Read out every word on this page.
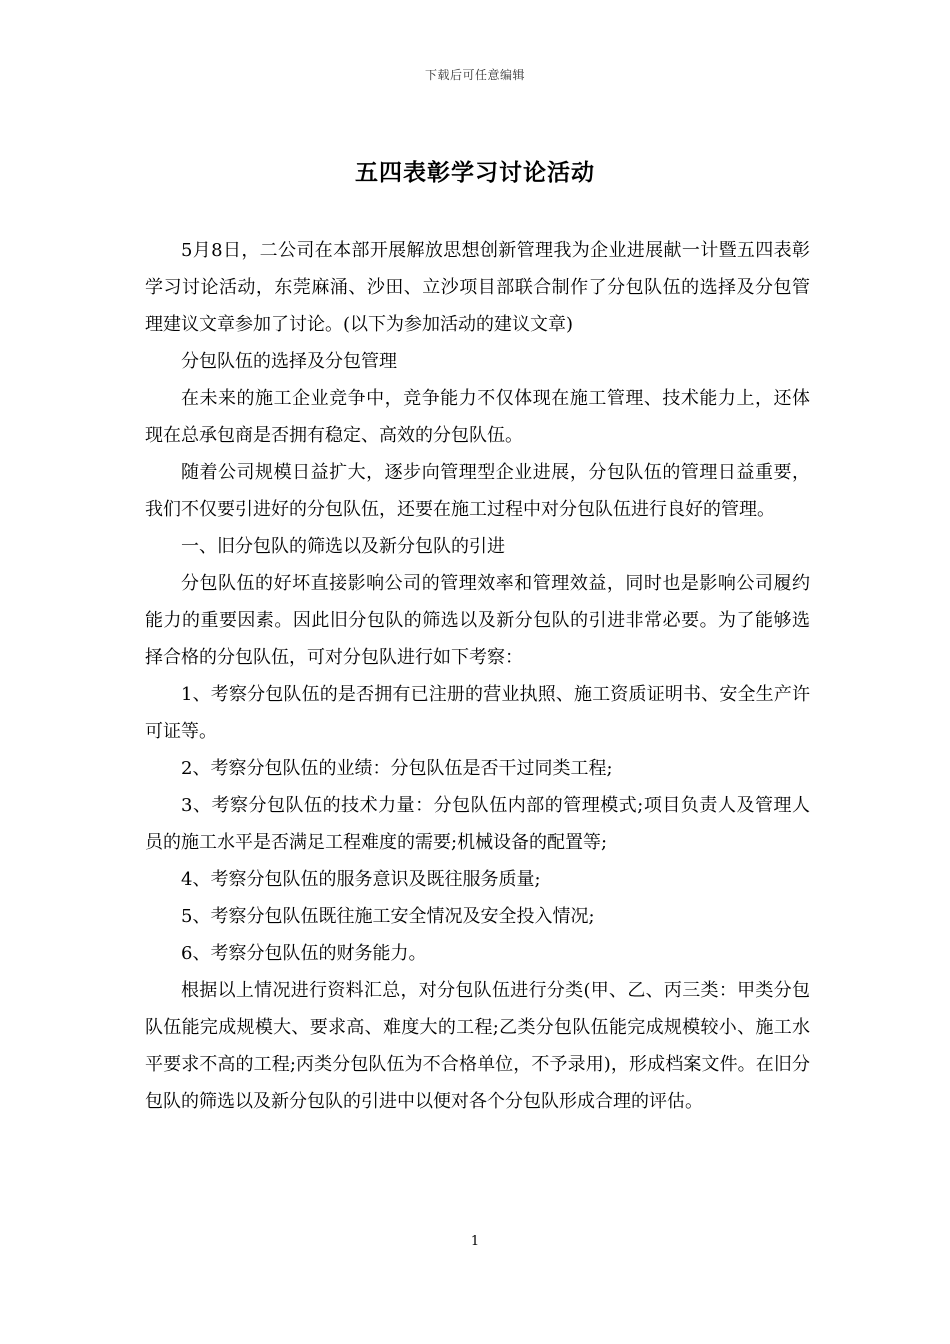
下载后可任意编辑
五四表彰学习讨论活动

5月8日，二公司在本部开展解放思想创新管理我为企业进展献一计暨五四表彰学习讨论活动，东莞麻涌、沙田、立沙项目部联合制作了分包队伍的选择及分包管理建议文章参加了讨论。(以下为参加活动的建议文章)

分包队伍的选择及分包管理

在未来的施工企业竞争中，竞争能力不仅体现在施工管理、技术能力上，还体现在总承包商是否拥有稳定、高效的分包队伍。

随着公司规模日益扩大，逐步向管理型企业进展，分包队伍的管理日益重要，我们不仅要引进好的分包队伍，还要在施工过程中对分包队伍进行良好的管理。

一、旧分包队的筛选以及新分包队的引进

分包队伍的好坏直接影响公司的管理效率和管理效益，同时也是影响公司履约能力的重要因素。因此旧分包队的筛选以及新分包队的引进非常必要。为了能够选择合格的分包队伍，可对分包队进行如下考察：

1、考察分包队伍的是否拥有已注册的营业执照、施工资质证明书、安全生产许可证等。

2、考察分包队伍的业绩：分包队伍是否干过同类工程;

3、考察分包队伍的技术力量：分包队伍内部的管理模式;项目负责人及管理人员的施工水平是否满足工程难度的需要;机械设备的配置等;

4、考察分包队伍的服务意识及既往服务质量;

5、考察分包队伍既往施工安全情况及安全投入情况;

6、考察分包队伍的财务能力。

根据以上情况进行资料汇总，对分包队伍进行分类(甲、乙、丙三类：甲类分包队伍能完成规模大、要求高、难度大的工程;乙类分包队伍能完成规模较小、施工水平要求不高的工程;丙类分包队伍为不合格单位，不予录用)，形成档案文件。在旧分包队的筛选以及新分包队的引进中以便对各个分包队形成合理的评估。

1
